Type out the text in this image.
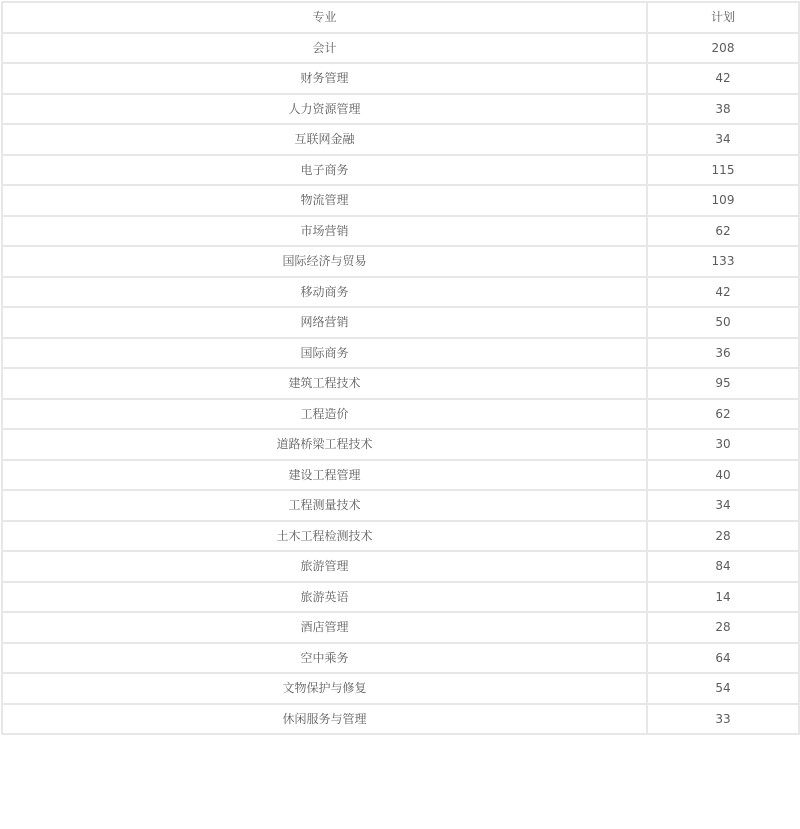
专业	计划
会计	208
财务管理	42
人力资源管理	38
互联网金融	34
电子商务	115
物流管理	109
市场营销	62
国际经济与贸易	133
移动商务	42
网络营销	50
国际商务	36
建筑工程技术	95
工程造价	62
道路桥梁工程技术	30
建设工程管理	40
工程测量技术	34
土木工程检测技术	28
旅游管理	84
旅游英语	14
酒店管理	28
空中乘务	64
文物保护与修复	54
休闲服务与管理	33
